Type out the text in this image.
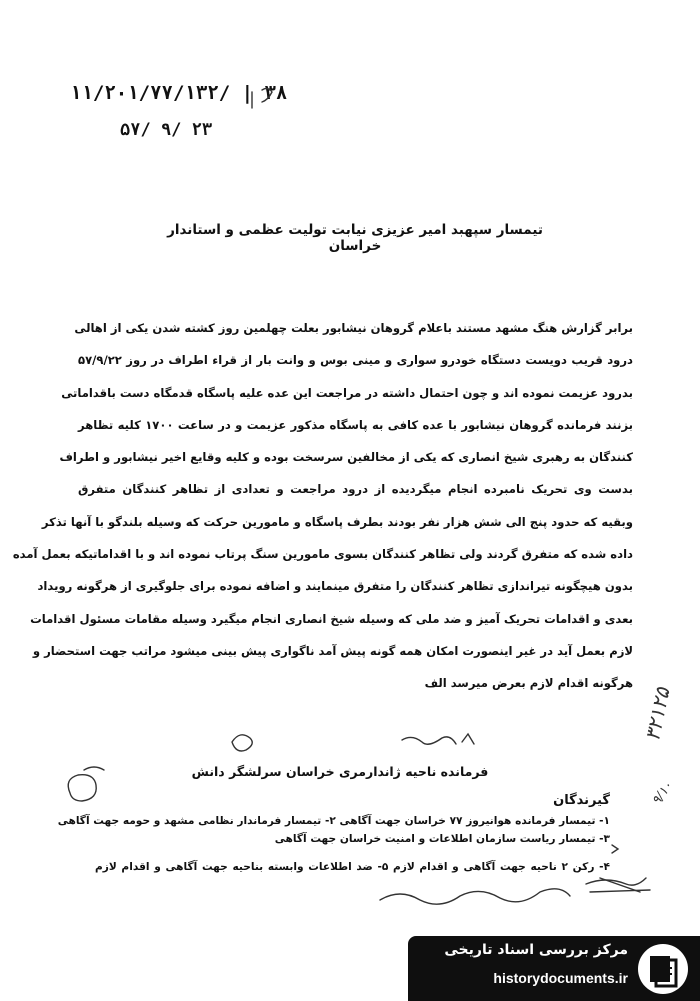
۱۱/۲۰۱/۷۷/۱۳۲/ | ۳۸
۵۷/ ۹/ ۲۳
تیمسار سپهبد امیر عزیزی نیابت تولیت عظمی و استاندار خراسان
برابر گزارش هنگ مشهد مستند باعلام گروهان نیشابور بعلت چهلمین روز کشته شدن یکی از اهالی
درود قریب دویست دستگاه خودرو سواری و مینی بوس و وانت بار از قراء اطراف در روز ۵۷/۹/۲۲
بدرود عزیمت نموده اند و چون احتمال داشته در مراجعت این عده علیه پاسگاه قدمگاه دست باقداماتی
بزنند فرمانده گروهان نیشابور با عده کافی به پاسگاه مذکور عزیمت و در ساعت ۱۷۰۰ کلیه تظاهر
کنندگان به رهبری شیخ انصاری که یکی از مخالفین سرسخت بوده و کلیه وقایع اخیر نیشابور و اطراف
بدست وی تحریک نامبرده انجام میگردیده از درود مراجعت و تعدادی از تظاهر کنندگان متفرق
وبقیه که حدود پنج الی شش هزار نفر بودند بطرف پاسگاه و مامورین حرکت که وسیله بلندگو با آنها تذکر
داده شده که متفرق گردند ولی تظاهر کنندگان بسوی مامورین سنگ پرتاب نموده اند و با اقداماتیکه بعمل آمده
بدون هیچگونه تیراندازی تظاهر کنندگان را متفرق مینمایند و اضافه نموده برای جلوگیری از هرگونه رویداد
بعدی و اقدامات تحریک آمیز و ضد ملی که وسیله شیخ انصاری انجام میگیرد وسیله مقامات مسئول اقدامات
لازم بعمل آید در غیر اینصورت امکان همه گونه پیش آمد ناگواری پیش بینی میشود مراتب جهت استحضار و
هرگونه اقدام لازم بعرض میرسد الف
فرمانده ناحیه ژاندارمری خراسان سرلشگر دانش
گیرندگان
۱- تیمسار فرمانده هوانیروز ۷۷ خراسان جهت آگاهی ۲- تیمسار فرماندار نظامی مشهد و حومه جهت آگاهی
۳- تیمسار ریاست سازمان اطلاعات و امنیت خراسان جهت آگاهی
۴- رکن ۲ ناحیه جهت آگاهی و اقدام لازم ۵- ضد اطلاعات وابسته بناحیه جهت آگاهی و اقدام لازم
۳۲۱۲۵
۹/۱۰
مرکز بررسی اسناد تاریخی
historydocuments.ir
